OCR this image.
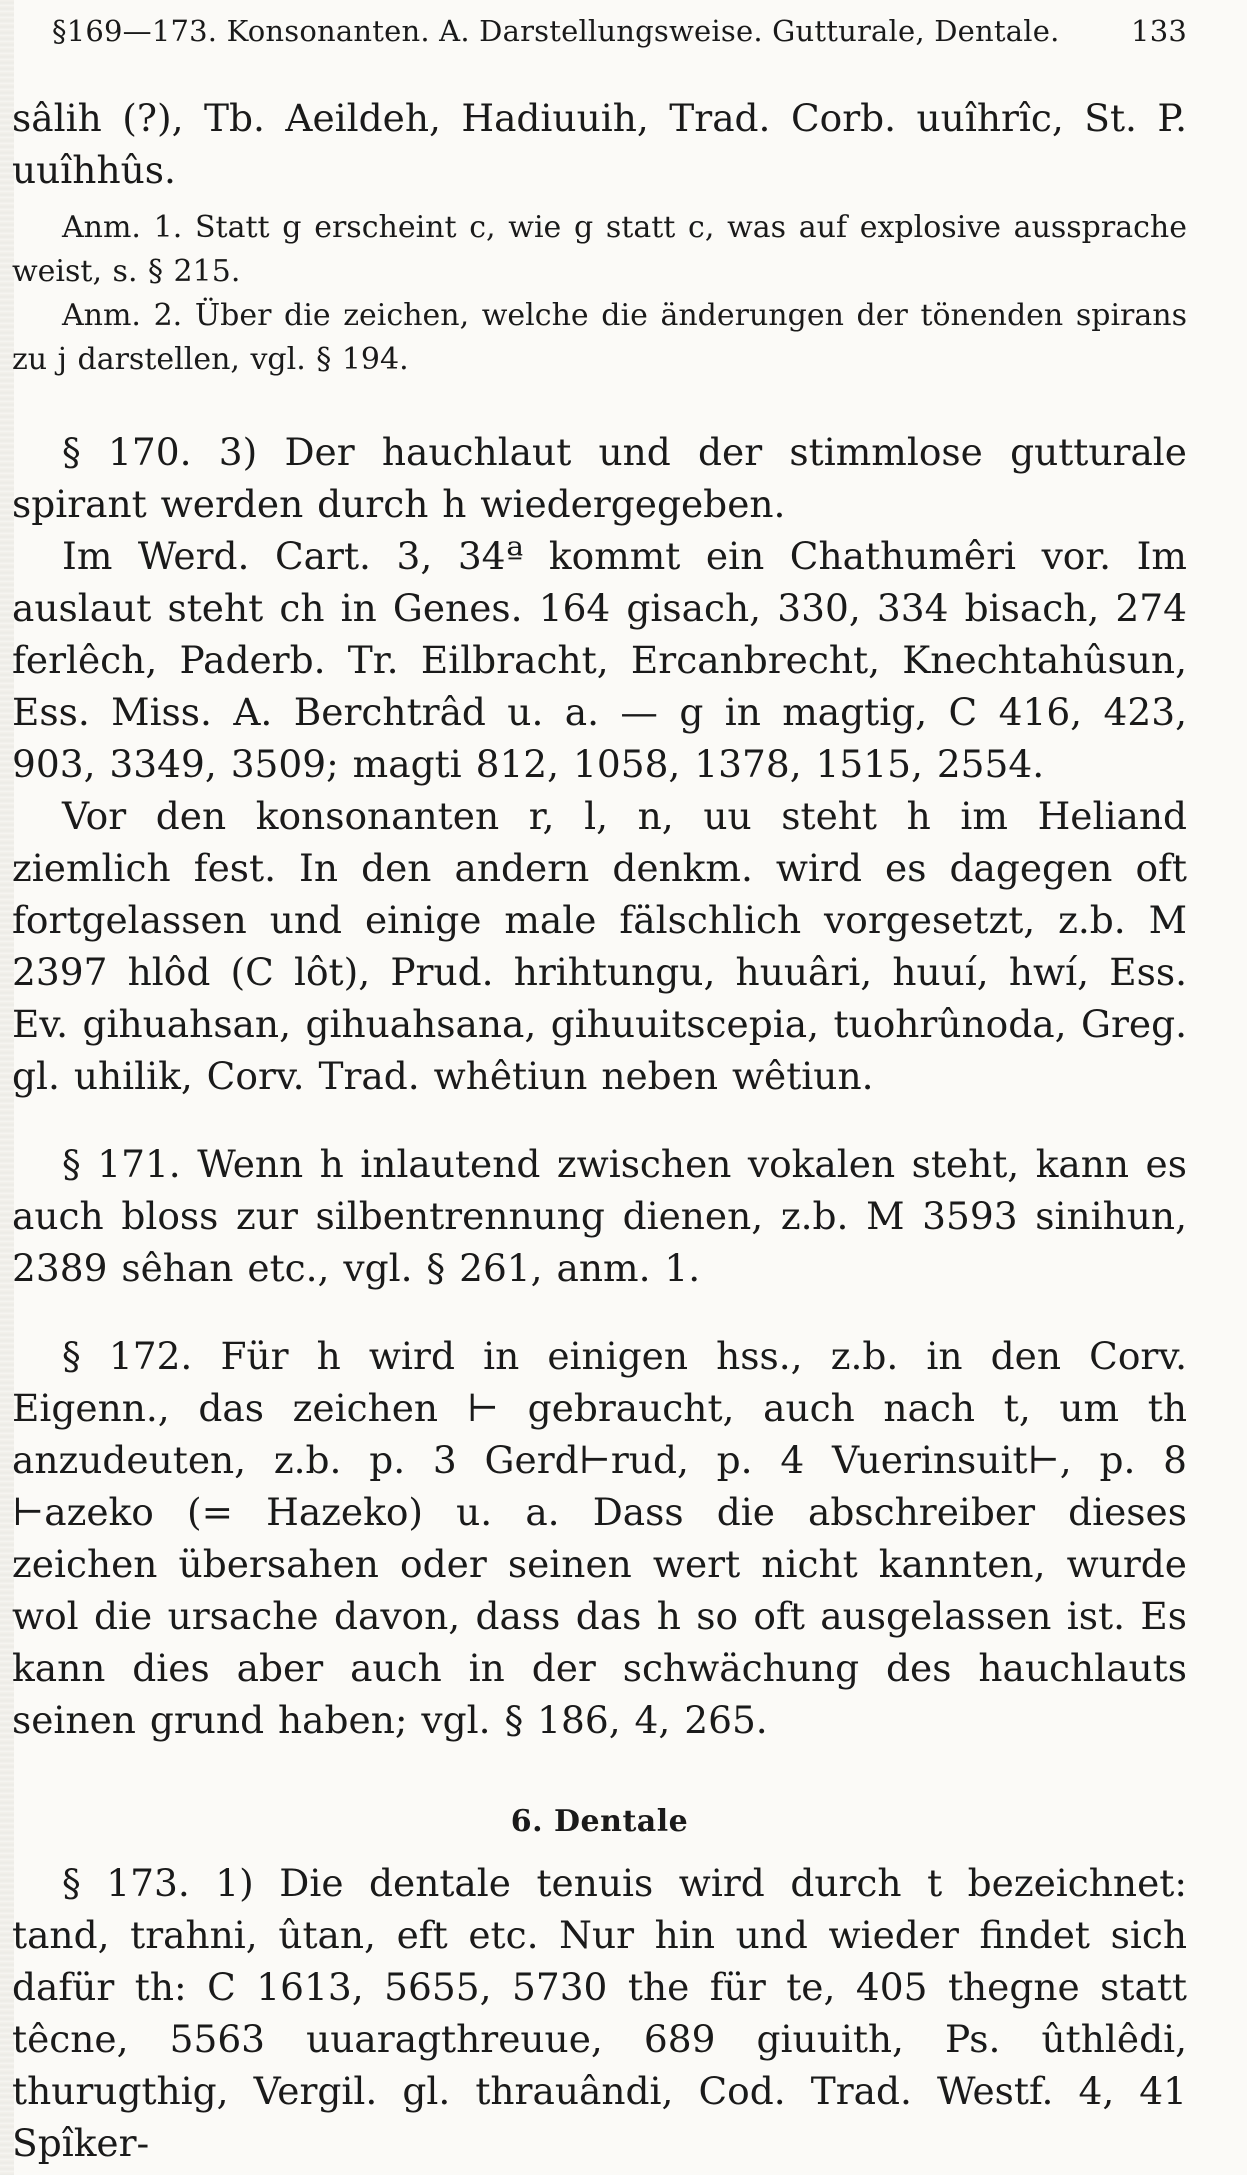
§169—173. Konsonanten. A. Darstellungsweise. Gutturale, Dentale. 133

sâlih (?), Tb. Aeildeh, Hadiuuih, Trad. Corb. uuîhrîc, St. P. uuîhhûs.

Anm. 1. Statt g erscheint c, wie g statt c, was auf explosive aussprache weist, s. § 215.

Anm. 2. Über die zeichen, welche die änderungen der tönenden spirans zu j darstellen, vgl. § 194.

§ 170. 3) Der hauchlaut und der stimmlose gutturale spirant werden durch h wiedergegeben.

Im Werd. Cart. 3, 34ª kommt ein Chathumêri vor. Im auslaut steht ch in Genes. 164 gisach, 330, 334 bisach, 274 ferlêch, Paderb. Tr. Eilbracht, Ercanbrecht, Knechtahûsun, Ess. Miss. A. Berchtrâd u. a. — g in magtig, C 416, 423, 903, 3349, 3509; magti 812, 1058, 1378, 1515, 2554.

Vor den konsonanten r, l, n, uu steht h im Heliand ziemlich fest. In den andern denkm. wird es dagegen oft fortgelassen und einige male fälschlich vorgesetzt, z.b. M 2397 hlôd (C lôt), Prud. hrihtungu, huuâri, huuí, hwí, Ess. Ev. gihuahsan, gihuahsana, gihuuitscepia, tuohrûnoda, Greg. gl. uhilik, Corv. Trad. whêtiun neben wêtiun.

§ 171. Wenn h inlautend zwischen vokalen steht, kann es auch bloss zur silbentrennung dienen, z.b. M 3593 sinihun, 2389 sêhan etc., vgl. § 261, anm. 1.

§ 172. Für h wird in einigen hss., z.b. in den Corv. Eigenn., das zeichen ⊢ gebraucht, auch nach t, um th anzudeuten, z.b. p. 3 Gerd⊢rud, p. 4 Vuerinsuit⊢, p. 8 ⊢azeko (= Hazeko) u. a. Dass die abschreiber dieses zeichen übersahen oder seinen wert nicht kannten, wurde wol die ursache davon, dass das h so oft ausgelassen ist. Es kann dies aber auch in der schwächung des hauchlauts seinen grund haben; vgl. § 186, 4, 265.

6. Dentale

§ 173. 1) Die dentale tenuis wird durch t bezeichnet: tand, trahni, ûtan, eft etc. Nur hin und wieder findet sich dafür th: C 1613, 5655, 5730 the für te, 405 thegne statt têcne, 5563 uuaragthreuue, 689 giuuith, Ps. ûthlêdi, thurugthig, Vergil. gl. thrauândi, Cod. Trad. Westf. 4, 41 Spîker-
